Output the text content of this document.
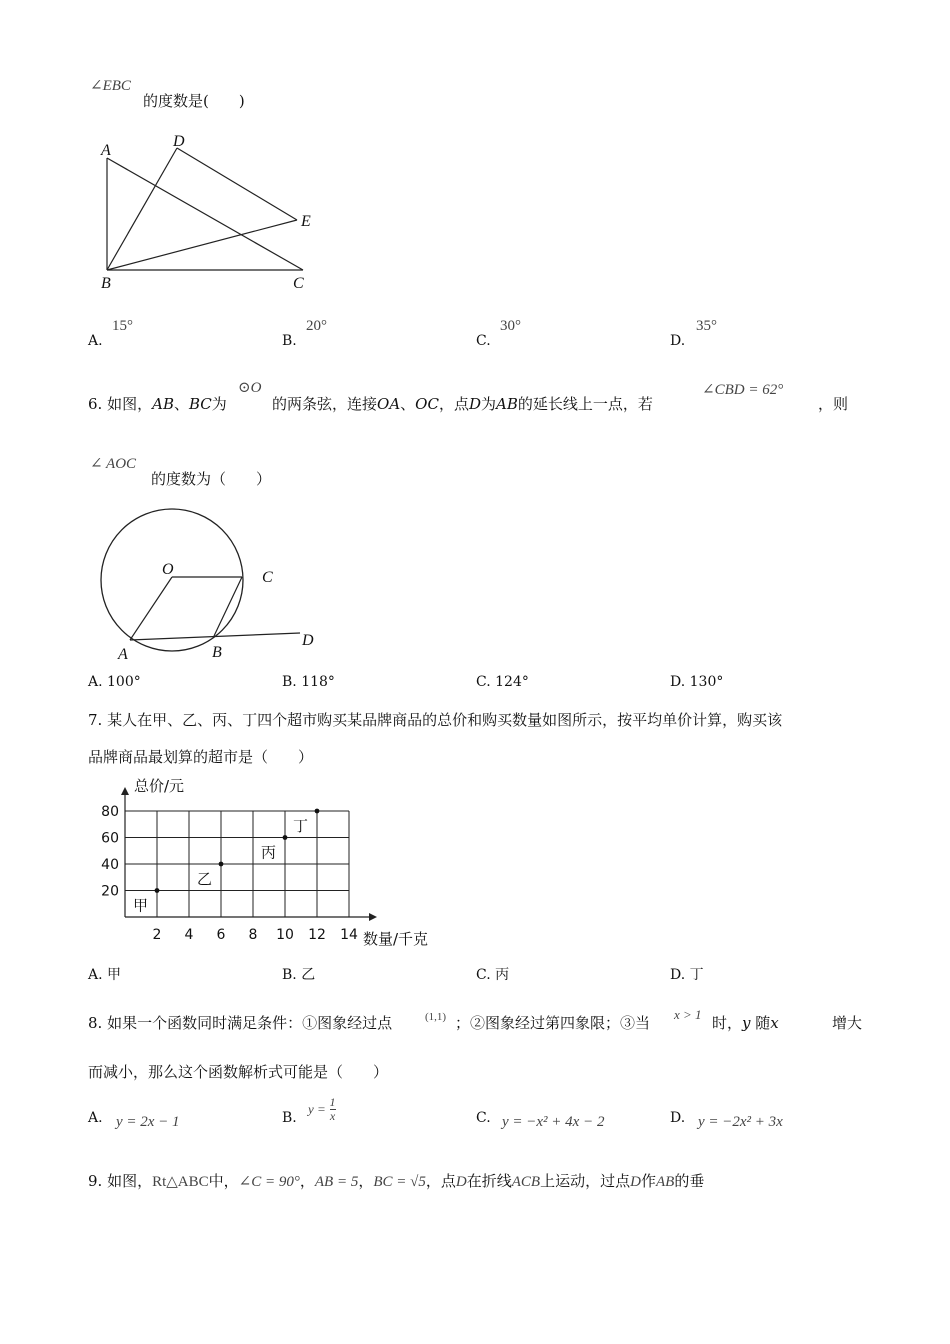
∠EBC
的度数是(　　)
A
D
E
B	C
A.
15°
B.
20°
C.
30°
D.
35°
6. 如图，AB、BC为
⊙O
的两条弦，连接OA、OC，点D为AB的延长线上一点，若
∠CBD = 62°
，则
∠ AOC
的度数为（　　）
O	C
A	B
D
A. 100°	B. 118°	C. 124°	D. 130°
7. 某人在甲、乙、丙、丁四个超市购买某品牌商品的总价和购买数量如图所示，按平均单价计算，购买该
品牌商品最划算的超市是（　　）
总价/元
数量/千克
2 4 6 8 10 12 14
20
40
60
80
甲
乙
丙
丁
A. 甲	B. 乙	C. 丙	D. 丁
8. 如果一个函数同时满足条件：①图象经过点	(1,1) ；②图象经过第四象限；③当 x > 1 时，y 随x	增大
而减小，那么这个函数解析式可能是（　　）
A. y = 2x − 1	B.
$y = \frac{1}{x}$	C. y = −x² + 4x − 2	D. y = −2x² + 3x
9. 如图，Rt△ABC中，∠C = 90°，AB = 5，BC = √5，点D在折线ACB上运动，过点D作AB的垂
